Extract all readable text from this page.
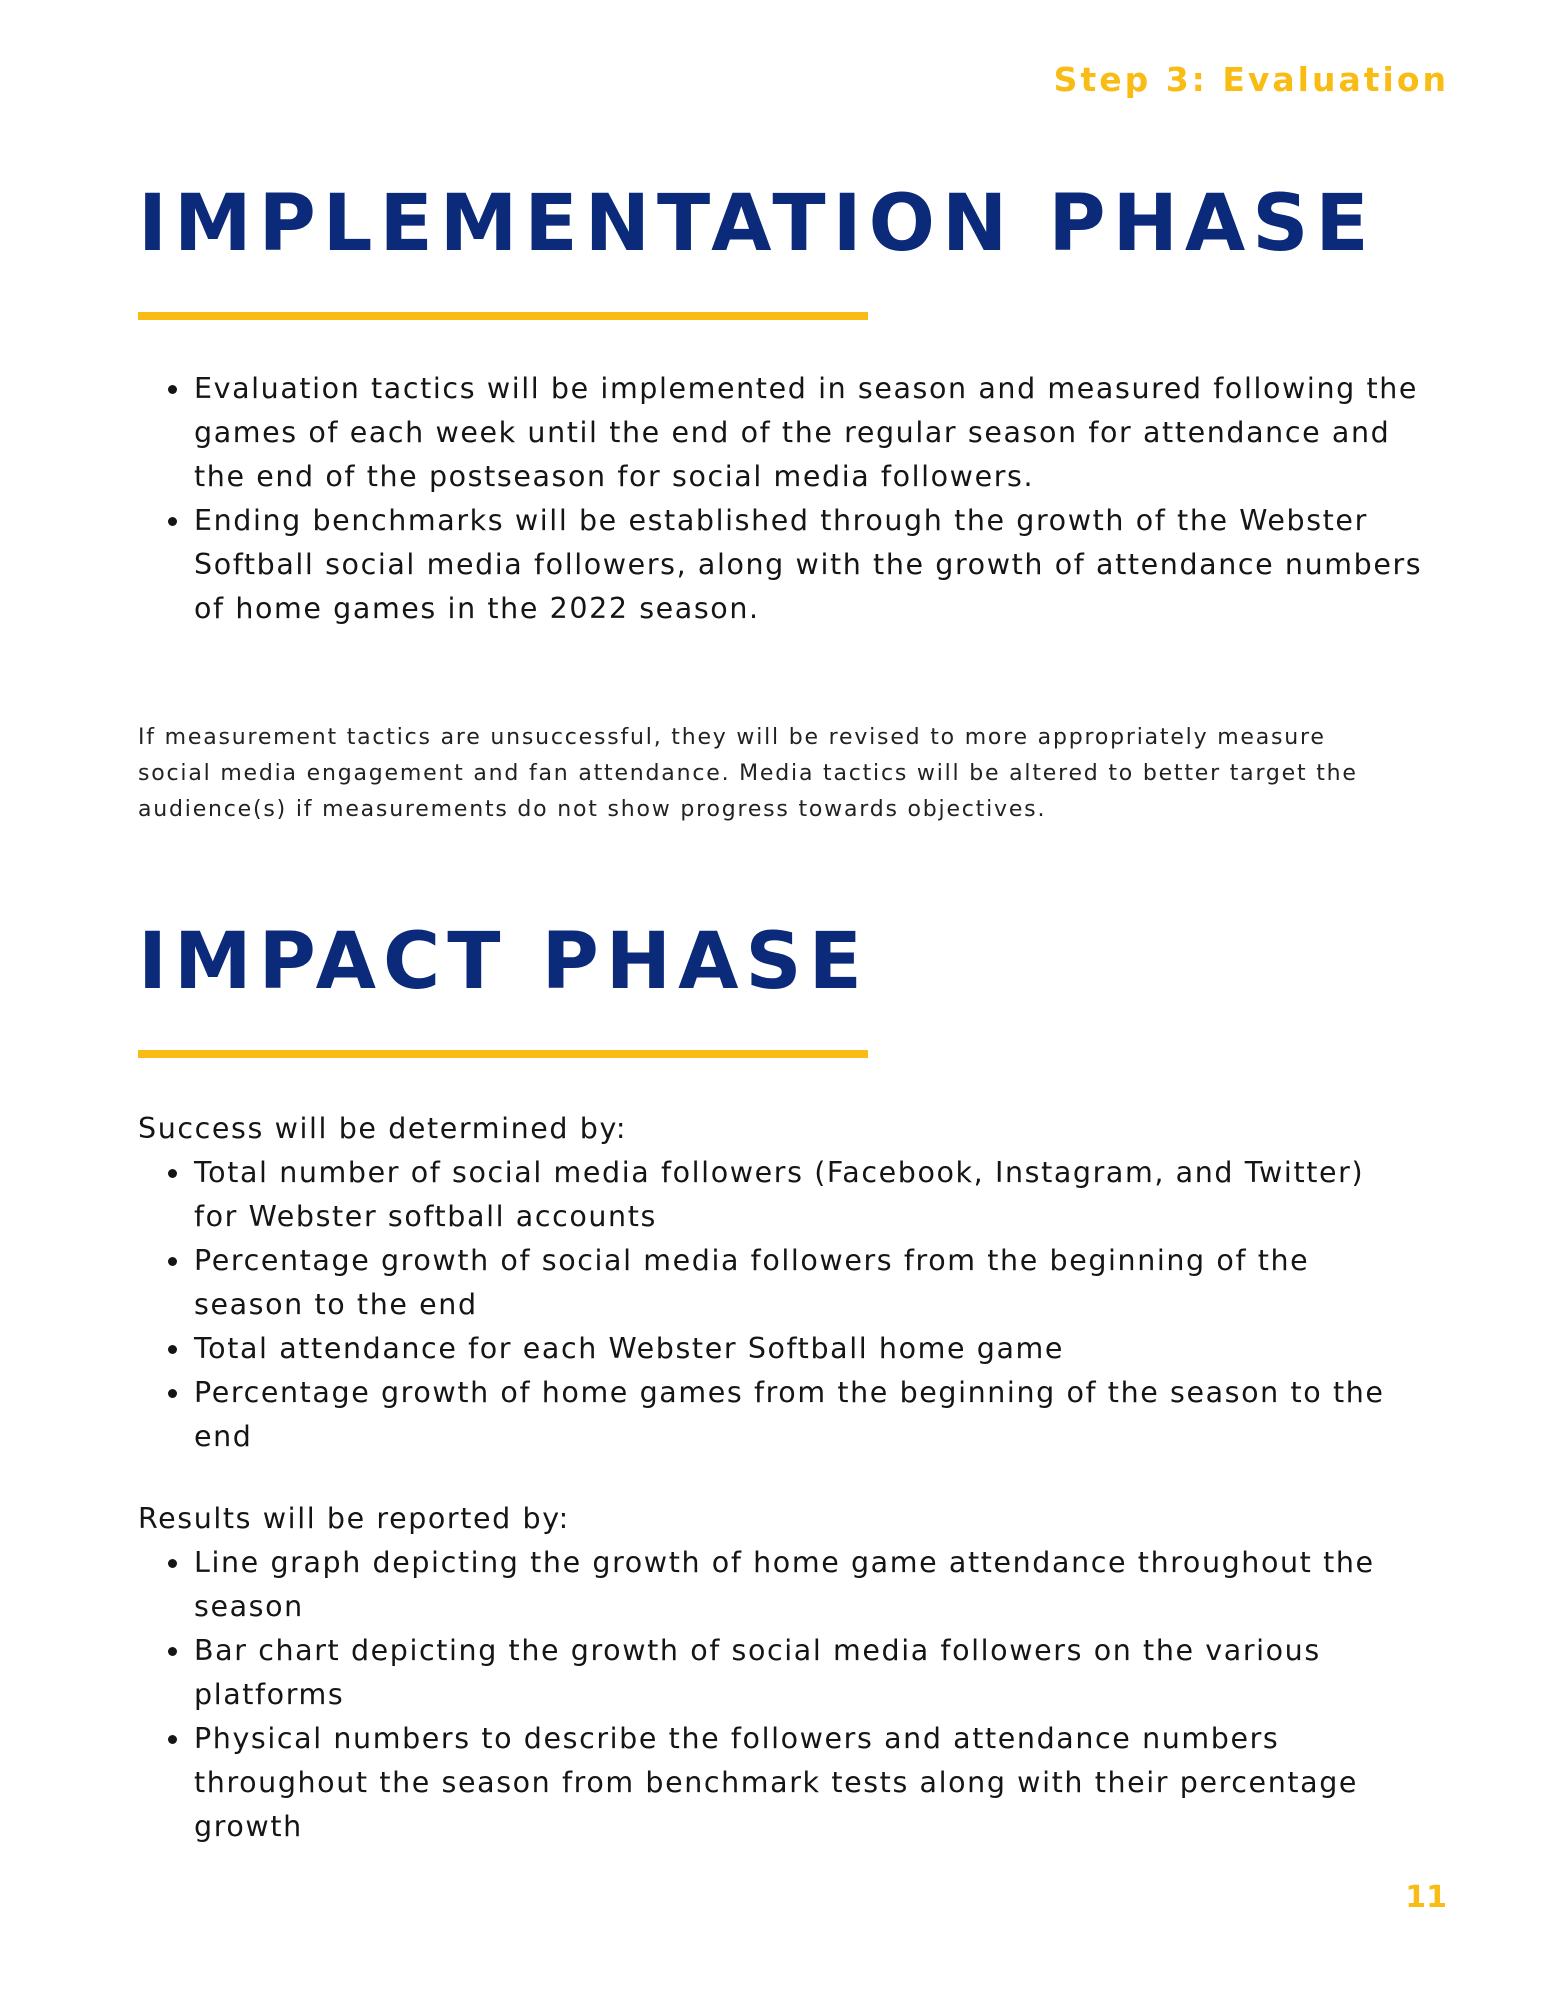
Step 3: Evaluation

IMPLEMENTATION PHASE
• Evaluation tactics will be implemented in season and measured following the games of each week until the end of the regular season for attendance and the end of the postseason for social media followers.
• Ending benchmarks will be established through the growth of the Webster Softball social media followers, along with the growth of attendance numbers of home games in the 2022 season.

If measurement tactics are unsuccessful, they will be revised to more appropriately measure social media engagement and fan attendance. Media tactics will be altered to better target the audience(s) if measurements do not show progress towards objectives.

IMPACT PHASE

Success will be determined by:

• Total number of social media followers (Facebook, Instagram, and Twitter) for Webster softball accounts
• Percentage growth of social media followers from the beginning of the season to the end
• Total attendance for each Webster Softball home game
• Percentage growth of home games from the beginning of the season to the end

Results will be reported by:

• Line graph depicting the growth of home game attendance throughout the season
• Bar chart depicting the growth of social media followers on the various platforms
• Physical numbers to describe the followers and attendance numbers throughout the season from benchmark tests along with their percentage growth

11
